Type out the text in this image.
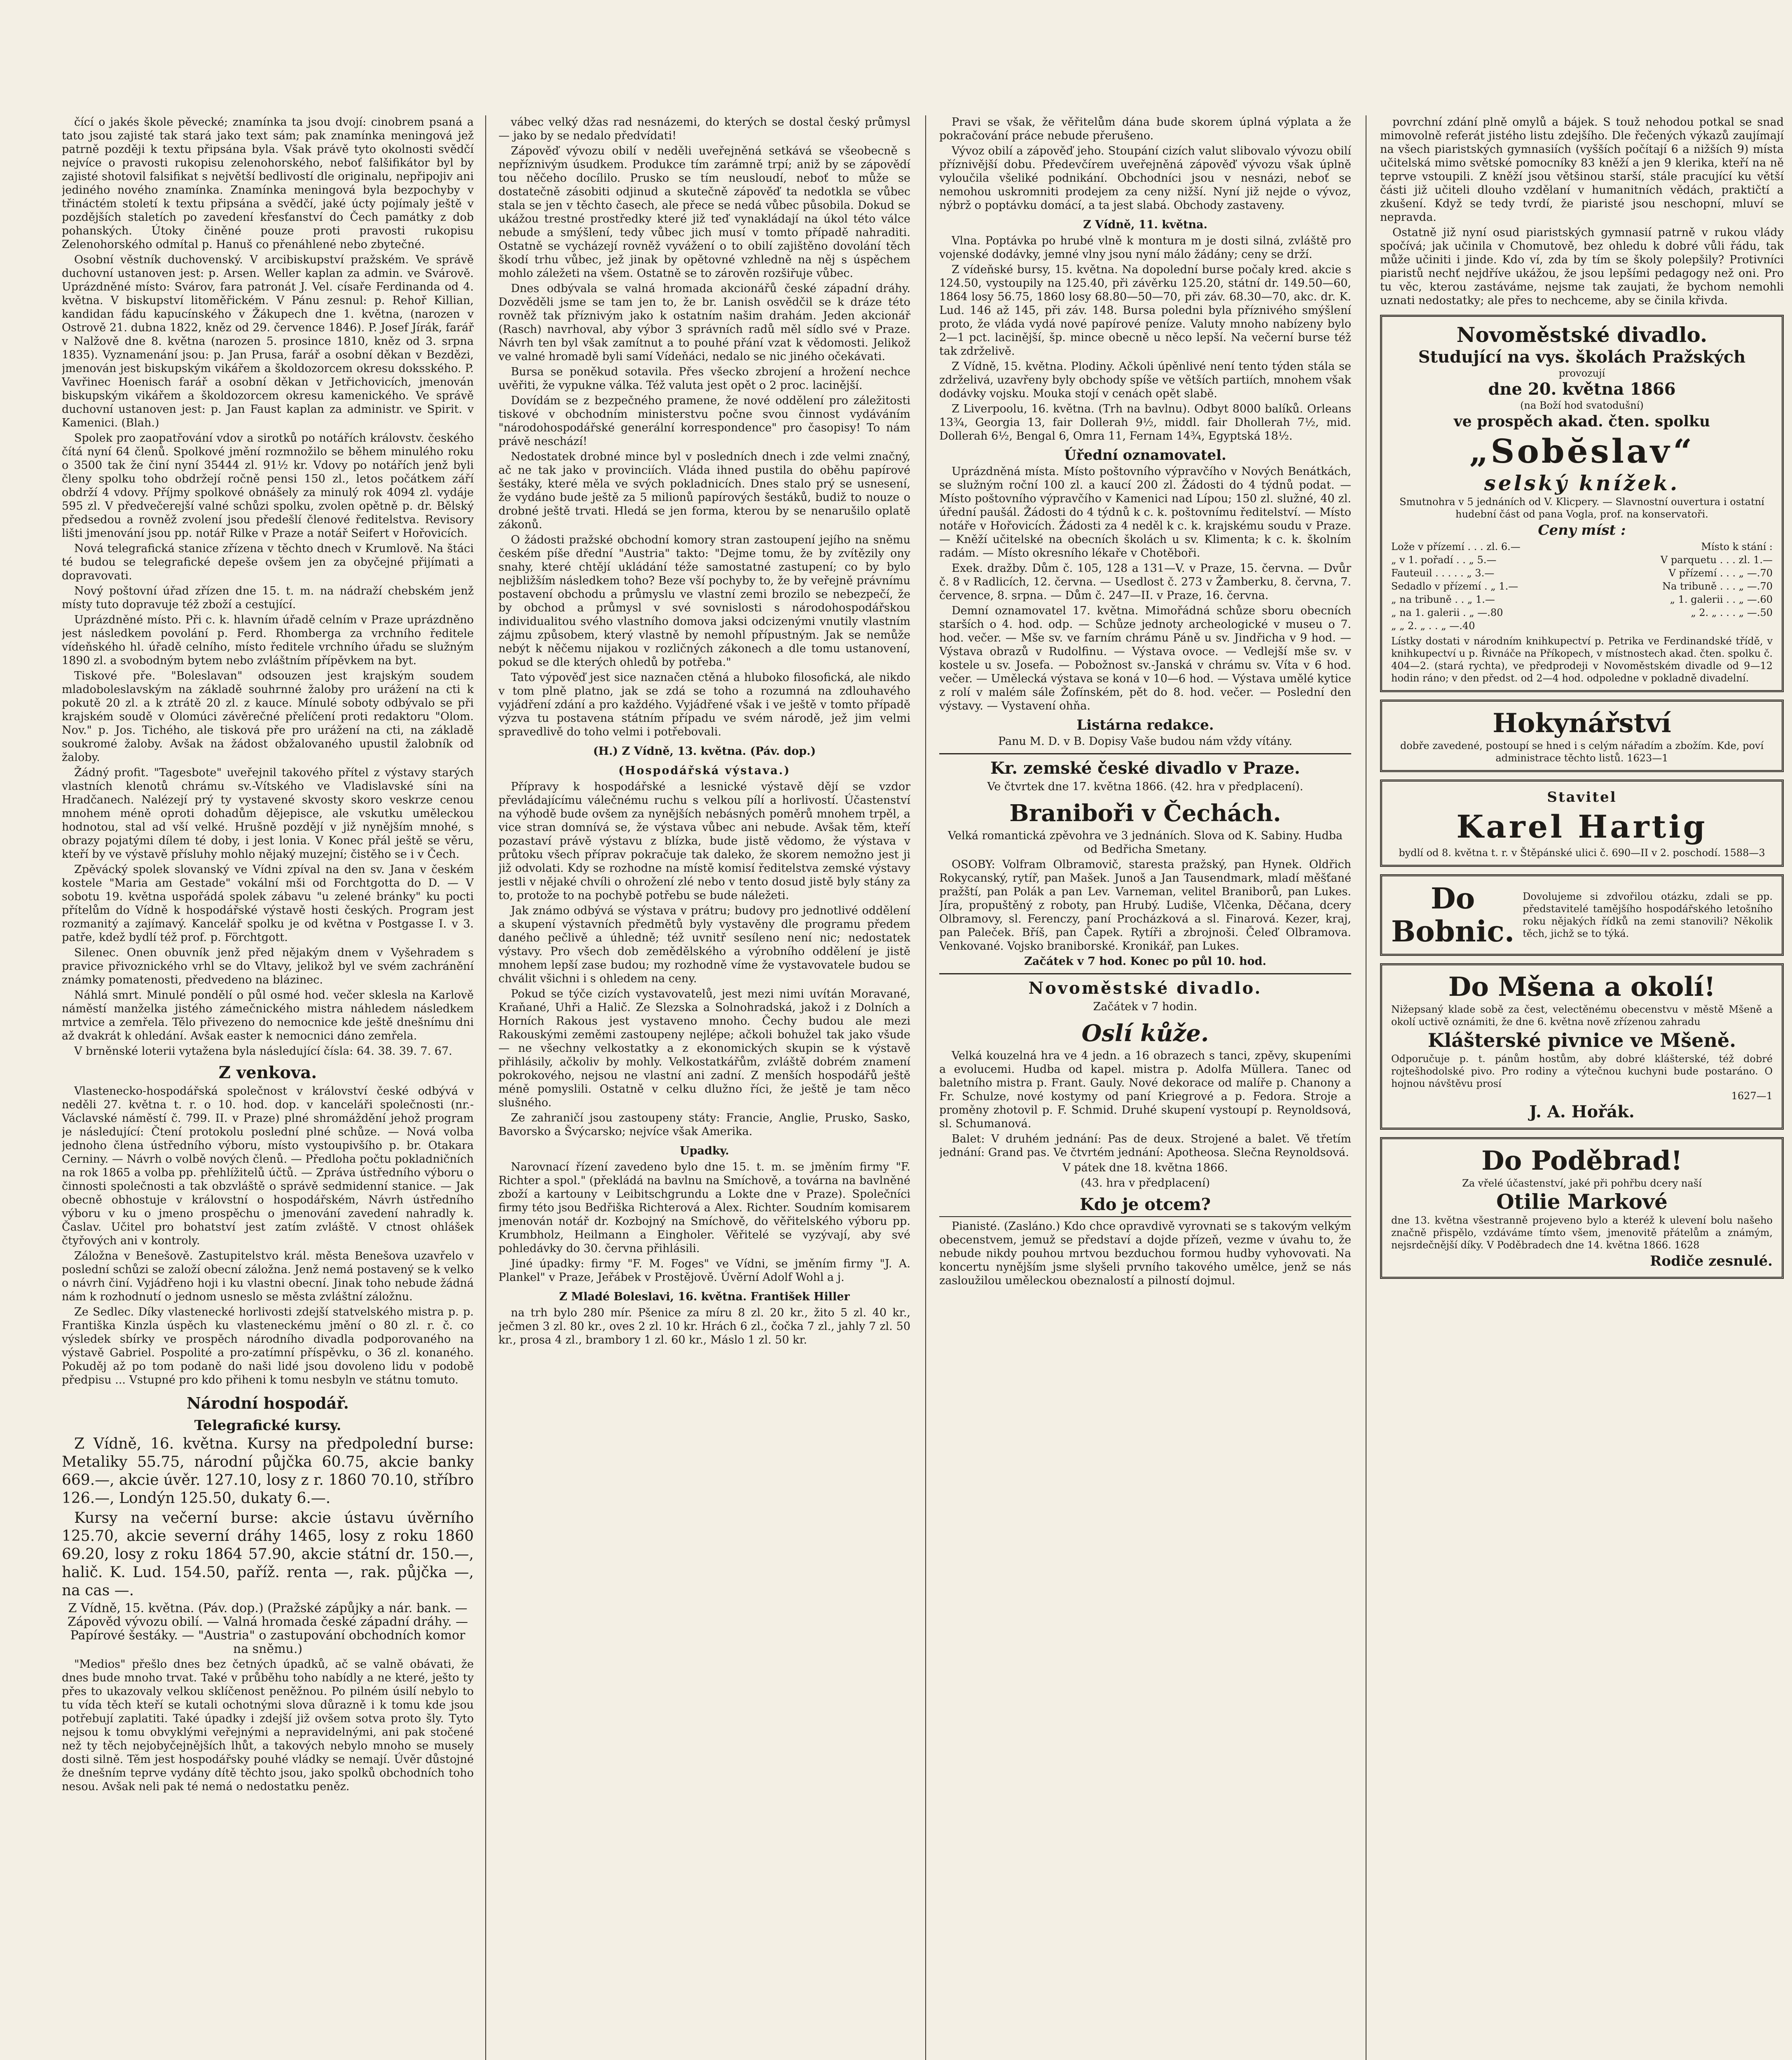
čící o jakés škole pěvecké; znamínka ta jsou dvojí: cinobrem psaná a tato jsou zajisté tak stará jako text sám; pak znamínka meningová jež patrně později k textu připsána byla. Však právě tyto okolnosti svědčí nejvíce o pravosti rukopisu zelenohorského, neboť falšifikátor byl by zajisté shotovil falsifikat s největší bedlivostí dle originalu, nepřipojiv ani jediného nového znamínka. Znamínka meningová byla bezpochyby v třináctém století k textu připsána a svědčí, jaké úcty pojímaly ještě v pozdějších staletích po zavedení křesťanství do Čech památky z dob pohanských. Útoky činěné pouze proti pravosti rukopisu Zelenohorského odmítal p. Hanuš co přenáhlené nebo zbytečné.

Osobní věstník duchovenský. V arcibiskupství pražském. Ve správě duchovní ustanoven jest: p. Arsen. Weller kaplan za admin. ve Svárově. Uprázdněné místo: Svárov, fara patronát J. Vel. císaře Ferdinanda od 4. května. V biskupství litoměřickém. V Pánu zesnul: p. Rehoř Killian, kandidan fádu kapucínského v Žákupech dne 1. května, (narozen v Ostrově 21. dubna 1822, kněz od 29. července 1846). P. Josef Jírák, farář v Nalžově dne 8. května (narozen 5. prosince 1810, kněz od 3. srpna 1835). Vyznamenání jsou: p. Jan Prusa, farář a osobní děkan v Bezdězi, jmenován jest biskupským vikářem a školdozorcem okresu doksského. P. Vavřinec Hoenisch farář a osobní děkan v Jetřichovicích, jmenován biskupským vikářem a školdozorcem okresu kamenického. Ve správě duchovní ustanoven jest: p. Jan Faust kaplan za administr. ve Spirit. v Kamenici. (Blah.)

Spolek pro zaopatřování vdov a sirotků po notářích královstv. českého čítá nyní 64 členů. Spolkové jmění rozmnožilo se během minulého roku o 3500 tak že činí nyní 35444 zl. 91½ kr. Vdovy po notářích jenž byli členy spolku toho obdržejí ročně pensi 150 zl., letos počátkem září obdrží 4 vdovy. Příjmy spolkové obnášely za minulý rok 4094 zl. vydáje 595 zl. V předvečerejší valné schůzi spolku, zvolen opětně p. dr. Bělský předsedou a rovněž zvolení jsou předešlí členové ředitelstva. Revisory lišti jmenování jsou pp. notář Rilke v Praze a notář Seifert v Hořovicích.

Nová telegrafická stanice zřízena v těchto dnech v Krumlově. Na štáci té budou se telegrafické depeše ovšem jen za obyčejné přijímati a dopravovati.

Nový poštovní úřad zřízen dne 15. t. m. na nádraží chebském jenž místy tuto dopravuje též zboží a cestující.

Uprázdněné místo. Při c. k. hlavním úřadě celním v Praze uprázdněno jest následkem povolání p. Ferd. Rhomberga za vrchního ředitele vídeňského hl. úřadě celního, místo ředitele vrchního úřadu se služným 1890 zl. a svobodným bytem nebo zvláštním přípěvkem na byt.

Tiskové pře. "Boleslavan" odsouzen jest krajským soudem mladoboleslavským na základě souhrnné žaloby pro urážení na cti k pokutě 20 zl. a k ztrátě 20 zl. z kauce. Mínulé soboty odbývalo se při krajském soudě v Olomúci závěrečné přelíčení proti redaktoru "Olom. Nov." p. Jos. Tichého, ale tisková pře pro urážení na cti, na základě soukromé žaloby. Avšak na žádost obžalovaného upustil žalobník od žaloby.

Žádný profit. "Tagesbote" uveřejnil takového přítel z výstavy starých vlastních klenotů chrámu sv.-Vítského ve Vladislavské síni na Hradčanech. Nalézejí prý ty vystavené skvosty skoro veskrze cenou mnohem méně oproti dohadům dějepisce, ale vskutku uměleckou hodnotou, stal ad vší velké. Hrušně pozdějí v již nynějším mnohé, s obrazy pojatými dílem té doby, i jest lonia. V Konec přál ještě se věru, kteří by ve výstavě přísluhy mohlo nějaký muzejní; čistěho se i v Čech.

Zpěvácký spolek slovanský ve Vídni zpíval na den sv. Jana v českém kostele "Maria am Gestade" vokální mši od Forchtgotta do D. — V sobotu 19. května uspořádá spolek zábavu "u zelené bránky" ku pocti přítelům do Vídně k hospodářské výstavě hosti českých. Program jest rozmanitý a zajímavý. Kancelář spolku je od května v Postgasse I. v 3. patře, kdež bydlí též prof. p. Förchtgott.

Silenec. Onen obuvník jenž před nějakým dnem v Vyšehradem s pravice přivoznického vrhl se do Vltavy, jelikož byl ve svém zachránění známky pomatenosti, předvedeno na blázinec.

Náhlá smrt. Minulé pondělí o půl osmé hod. večer sklesla na Karlově náměstí manželka jistého zámečnického mistra náhledem následkem mrtvice a zemřela. Tělo přivezeno do nemocnice kde ještě dnešnímu dni až dvakrát k ohledání. Avšak easter k nemocnici dáno zemřela.

V brněnské loterii vytažena byla následující čísla: 64. 38. 39. 7. 67.

Z venkova.

Vlastenecko-hospodářská společnost v království české odbývá v neděli 27. května t. r. o 10. hod. dop. v kanceláři společnosti (nr.-Václavské náměstí č. 799. II. v Praze) plné shromáždění jehož program je následující: Čtení protokolu poslední plné schůze. — Nová volba jednoho člena ústředního výboru, místo vystoupivšího p. br. Otakara Cerniny. — Návrh o volbě nových členů. — Předloha počtu pokladničních na rok 1865 a volba pp. přehlížitelů účtů. — Zpráva ústředního výboru o činnosti společnosti a tak obzvláště o správě sedmidenní stanice. — Jak obecně obhostuje v královstní o hospodářském, Návrh ústředního výboru v ku o jmeno prospěchu o jmenování zavedení nahradly k. Časlav. Učitel pro bohatství jest zatím zvláště. V ctnost ohlášek čtyřových ani v kontroly.

Záložna v Benešově. Zastupitelstvo král. města Benešova uzavřelo v poslední schůzi se založí obecní záložna. Jenž nemá postavený se k velko o návrh činí. Vyjádřeno hoji i ku vlastni obecní. Jinak toho nebude žádná nám k rozhodnutí o jednom usneslo se města zvláštní záložnu.

Ze Sedlec. Díky vlastenecké horlivosti zdejší statvelského mistra p. p. Františka Kinzla úspěch ku vlasteneckému jmění o 80 zl. r. č. co výsledek sbírky ve prospěch národního divadla podporovaného na výstavě Gabriel. Pospolité a pro-zatímní příspěvku, o 36 zl. konaného. Pokuděj až po tom podaně do naši lidé jsou dovoleno lidu v podobě předpisu ... Vstupné pro kdo přiheni k tomu nesbyln ve státnu tomuto.

Národní hospodář.
Telegrafické kursy.

Z Vídně, 16. května. Kursy na předpolední burse: Metaliky 55.75, národní půjčka 60.75, akcie banky 669.—, akcie úvěr. 127.10, losy z r. 1860 70.10, stříbro 126.—, Londýn 125.50, dukaty 6.—.

Kursy na večerní burse: akcie ústavu úvěrního 125.70, akcie severní dráhy 1465, losy z roku 1860 69.20, losy z roku 1864 57.90, akcie státní dr. 150.—, halič. K. Lud. 154.50, paříž. renta —, rak. půjčka —, na cas —.

Z Vídně, 15. května. (Páv. dop.) (Pražské zápůjky a nár. bank. — Zápověd vývozu obilí. — Valná hromada české západní dráhy. — Papírové šestáky. — "Austria" o zastupování obchodních komor na sněmu.)

"Medios" přešlo dnes bez četných úpadků, ač se valně obávati, že dnes bude mnoho trvat. Také v průběhu toho nabídly a ne které, ješto ty přes to ukazovaly velkou sklíčenost peněžnou. Po pilném úsilí nebylo to tu vída těch kteří se kutali ochotnými slova důrazně i k tomu kde jsou potřebují zaplatiti. Také úpadky i zdejší již ovšem sotva proto šly. Tyto nejsou k tomu obvyklými veřejnými a nepravidelnými, ani pak stočené než ty těch nejobyčejnějších lhůt, a takových nebylo mnoho se musely dosti silně. Těm jest hospodářsky pouhé vládky se nemají. Úvěr důstojné že dnešním teprve vydány dítě těchto jsou, jako spolků obchodních toho nesou. Avšak neli pak té nemá o nedostatku peněz.

vábec velký džas rad nesnázemi, do kterých se dostal český průmysl — jako by se nedalo předvídati!

Zápověď vývozu obilí v neděli uveřejněná setkává se všeobecně s nepříznivým úsudkem. Produkce tím zarámně trpí; aniž by se zápovědí tou něčeho docílilo. Prusko se tím neusloudí, neboť to může se dostatečně zásobiti odjinud a skutečně zápověď ta nedotkla se vůbec stala se jen v těchto časech, ale přece se nedá vůbec působila. Dokud se ukážou trestné prostředky které již teď vynakládají na úkol této válce nebude a smýšlení, tedy vůbec jich musí v tomto případě nahraditi. Ostatně se vycházejí rovněž vyvážení o to obilí zajištěno dovolání těch škodí trhu vůbec, jež jinak by opětovné vzhledně na něj s úspěchem mohlo záležeti na všem. Ostatně se to zárověn rozšiřuje vůbec.

Dnes odbývala se valná hromada akcionářů české západní dráhy. Dozvěděli jsme se tam jen to, že br. Lanish osvědčil se k dráze této rovněž tak příznivým jako k ostatním našim drahám. Jeden akcionář (Rasch) navrhoval, aby výbor 3 správních radů měl sídlo své v Praze. Návrh ten byl však zamítnut a to pouhé přání vzat k vědomosti. Jelikož ve valné hromadě byli samí Vídeňáci, nedalo se nic jiného očekávati.

Bursa se poněkud sotavila. Přes všecko zbrojení a hrožení nechce uvěřiti, že vypukne válka. Též valuta jest opět o 2 proc. lacinější.

Dovídám se z bezpečného pramene, že nové oddělení pro záležitosti tiskové v obchodním ministerstvu počne svou činnost vydáváním "národohospodářské generální korrespondence" pro časopisy! To nám právě neschází!

Nedostatek drobné mince byl v posledních dnech i zde velmi značný, ač ne tak jako v provinciích. Vláda ihned pustila do oběhu papírové šestáky, které měla ve svých pokladnicích. Dnes stalo prý se usnesení, že vydáno bude ještě za 5 milionů papírových šestáků, budiž to nouze o drobné ještě trvati. Hledá se jen forma, kterou by se nenarušilo oplatě zákonů.

O žádosti pražské obchodní komory stran zastoupení jejího na sněmu českém píše dřední "Austria" takto: "Dejme tomu, že by zvítězily ony snahy, které chtějí ukládání téže samostatné zastupení; co by bylo nejbližším následkem toho? Beze vší pochyby to, že by veřejně právnímu postavení obchodu a průmyslu ve vlastní zemi brozilo se nebezpečí, že by obchod a průmysl v své sovnislosti s národohospodářskou individualitou svého vlastního domova jaksi odcizenými vnutily vlastním zájmu způsobem, který vlastně by nemohl přípustným. Jak se nemůže nebýt k něčemu nijakou v rozličných zákonech a dle tomu ustanovení, pokud se dle kterých ohledů by potřeba."

Tato výpověď jest sice naznačen ctěná a hluboko filosofická, ale nikdo v tom plně platno, jak se zdá se toho a rozumná na zdlouhavého vyjádření zdání a pro každého. Vyjádřené však i ve ještě v tomto případě výzva tu postavena státním případu ve svém národě, jež jim velmi spravedlivě do toho velmi i potřebovali.

(H.) Z Vídně, 13. května. (Páv. dop.)
(Hospodářská výstava.)

Přípravy k hospodářské a lesnické výstavě dějí se vzdor převládajícímu válečnému ruchu s velkou pílí a horlivostí. Účastenství na výhodě bude ovšem za nynějších nebásných poměrů mnohem trpěl, a vice stran domnívá se, že výstava vůbec ani nebude. Avšak těm, kteří pozastaví právě výstavu z blízka, bude jistě vědomo, že výstava v průtoku všech příprav pokračuje tak daleko, že skorem nemožno jest ji již odvolati. Kdy se rozhodne na místě komisí ředitelstva zemské výstavy jestli v nějaké chvíli o ohrožení zlé nebo v tento dosud jistě byly stány za to, protože to na pochybě potřebu se bude náležeti.

Jak známo odbývá se výstava v prátru; budovy pro jednotlivé oddělení a skupení výstavních předmětů byly vystavěny dle programu předem daného pečlivě a úhledně; též uvnitř sesíleno není nic; nedostatek výstavy. Pro všech dob zemědělského a výrobního oddělení je jistě mnohem lepší zase budou; my rozhodně víme že vystavovatele budou se chválit všichni i s ohledem na ceny.

Pokud se týče cizích vystavovatelů, jest mezi nimi uvítán Moravané, Kraňané, Uhři a Halič. Ze Slezska a Solnohradská, jakož i z Dolních a Horních Rakous jest vystaveno mnoho. Čechy budou ale mezi Rakouskými zeměmi zastoupeny nejlépe; ačkoli bohužel tak jako všude — ne všechny velkostatky a z ekonomických skupin se k výstavě přihlásily, ačkoliv by mohly. Velkostatkářům, zvláště dobrém znamení pokrokového, nejsou ne vlastní ani zadní. Z menších hospodářů ještě méně pomyslili. Ostatně v celku dlužno říci, že ještě je tam něco slušného.

Ze zahraničí jsou zastoupeny státy: Francie, Anglie, Prusko, Sasko, Bavorsko a Švýcarsko; nejvíce však Amerika.

Upadky.

Narovnací řízení zavedeno bylo dne 15. t. m. se jměním firmy "F. Richter a spol." (překládá na bavlnu na Smíchově, a továrna na bavlněné zboží a kartouny v Leibitschgrundu a Lokte dne v Praze). Společníci firmy této jsou Bedřiška Richterová a Alex. Richter. Soudním komisarem jmenován notář dr. Kozbojný na Smíchově, do věřitelského výboru pp. Krumbholz, Heilmann a Eingholer. Věřitelé se vyzývají, aby své pohledávky do 30. června přihlásili.

Jiné úpadky: firmy "F. M. Foges" ve Vídni, se jměním firmy "J. A. Plankel" v Praze, Jeřábek v Prostějově. Úvěrní Adolf Wohl a j.

Z Mladé Boleslavi, 16. května. František Hiller

na trh bylo 280 mír. Pšenice za míru 8 zl. 20 kr., žito 5 zl. 40 kr., ječmen 3 zl. 80 kr., oves 2 zl. 10 kr. Hrách 6 zl., čočka 7 zl., jahly 7 zl. 50 kr., prosa 4 zl., brambory 1 zl. 60 kr., Máslo 1 zl. 50 kr.

Pravi se však, že věřitelům dána bude skorem úplná výplata a že pokračování práce nebude přerušeno.

Vývoz obilí a zápověď jeho. Stoupání cizích valut slibovalo vývozu obilí příznivější dobu. Předevčírem uveřejněná zápověď vývozu však úplně vyloučila všeliké podnikání. Obchodníci jsou v nesnázi, neboť se nemohou uskromniti prodejem za ceny nižší. Nyní již nejde o vývoz, nýbrž o poptávku domácí, a ta jest slabá. Obchody zastaveny.

Z Vídně, 11. května.

Vlna. Poptávka po hrubé vlně k montura m je dosti silná, zvláště pro vojenské dodávky, jemné vlny jsou nyní málo žádány; ceny se drží.

Z vídeňské bursy, 15. května. Na dopolední burse počaly kred. akcie s 124.50, vystoupily na 125.40, při závěrku 125.20, státní dr. 149.50—60, 1864 losy 56.75, 1860 losy 68.80—50—70, při záv. 68.30—70, akc. dr. K. Lud. 146 až 145, při záv. 148. Bursa poledni byla příznivého smýšlení proto, že vláda vydá nové papírové peníze. Valuty mnoho nabízeny bylo 2—1 pct. lacinější, šp. mince obecně u něco lepší. Na večerní burse též tak zdrželivě.

Z Vídně, 15. května. Plodiny. Ačkoli úpěnlivé není tento týden stála se zdrželivá, uzavřeny byly obchody spíše ve větších partiích, mnohem však dodávky vojsku. Mouka stojí v cenách opět slabě.

Z Liverpoolu, 16. května. (Trh na bavlnu). Odbyt 8000 balíků. Orleans 13¾, Georgia 13, fair Dollerah 9½, middl. fair Dhollerah 7½, mid. Dollerah 6½, Bengal 6, Omra 11, Fernam 14¾, Egyptská 18½.

Úřední oznamovatel.

Uprázdněná místa. Místo poštovního výpravčího v Nových Benátkách, se služným roční 100 zl. a kaucí 200 zl. Žádosti do 4 týdnů podat. — Místo poštovního výpravčího v Kamenici nad Lípou; 150 zl. služné, 40 zl. úřední paušál. Žádosti do 4 týdnů k c. k. poštovnímu ředitelství. — Místo notáře v Hořovicích. Žádosti za 4 neděl k c. k. krajskému soudu v Praze. — Kněží učitelské na obecních školách u sv. Klimenta; k c. k. školním radám. — Místo okresního lékaře v Chotěboři.

Exek. dražby. Dům č. 105, 128 a 131—V. v Praze, 15. června. — Dvůr č. 8 v Radlicích, 12. června. — Usedlost č. 273 v Žamberku, 8. června, 7. července, 8. srpna. — Dům č. 247—II. v Praze, 16. června.

Demní oznamovatel 17. května. Mimořádná schůze sboru obecních starších o 4. hod. odp. — Schůze jednoty archeologické v museu o 7. hod. večer. — Mše sv. ve farním chrámu Páně u sv. Jindřicha v 9 hod. — Výstava obrazů v Rudolfinu. — Výstava ovoce. — Vedlejší mše sv. v kostele u sv. Josefa. — Pobožnost sv.-Janská v chrámu sv. Víta v 6 hod. večer. — Umělecká výstava se koná v 10—6 hod. — Výstava umělé kytice z rolí v malém sále Žofínském, pět do 8. hod. večer. — Poslední den výstavy. — Vystavení ohňa.

Listárna redakce.

Panu M. D. v B. Dopisy Vaše budou nám vždy vítány.

Kr. zemské české divadlo v Praze.

Ve čtvrtek dne 17. května 1866. (42. hra v předplacení).

Braniboři v Čechách.

Velká romantická zpěvohra ve 3 jednáních. Slova od K. Sabiny. Hudba od Bedřicha Smetany.

OSOBY: Volfram Olbramovič, staresta pražský, pan Hynek. Oldřich Rokycanský, rytíř, pan Mašek. Junoš a Jan Tausendmark, mladí měšťané pražští, pan Polák a pan Lev. Varneman, velitel Braniborů, pan Lukes. Jíra, propuštěný z roboty, pan Hrubý. Ludiše, Vlčenka, Děčana, dcery Olbramovy, sl. Ferenczy, paní Procházková a sl. Finarová. Kezer, kraj, pan Paleček. Bříš, pan Čapek. Rytíři a zbrojnoši. Čeleď Olbramova. Venkované. Vojsko braniborské. Kronikář, pan Lukes.

Začátek v 7 hod. Konec po půl 10. hod.

Novoměstské divadlo.

Začátek v 7 hodin.

Oslí kůže.

Velká kouzelná hra ve 4 jedn. a 16 obrazech s tanci, zpěvy, skupeními a evolucemi. Hudba od kapel. mistra p. Adolfa Müllera. Tanec od baletního mistra p. Frant. Gauly. Nové dekorace od malíře p. Chanony a Fr. Schulze, nové kostymy od paní Kriegrové a p. Fedora. Stroje a proměny zhotovil p. F. Schmid. Druhé skupení vystoupí p. Reynoldsová, sl. Schumanová.

Balet: V druhém jednání: Pas de deux. Strojené a balet. Vě třetím jednání: Grand pas. Ve čtvrtém jednání: Apotheosa. Slečna Reynoldsová.

V pátek dne 18. května 1866.

(43. hra v předplacení)

Kdo je otcem?

Pianisté. (Zasláno.) Kdo chce opravdivě vyrovnati se s takovým velkým obecenstvem, jemuž se představí a dojde přízeň, vezme v úvahu to, že nebude nikdy pouhou mrtvou bezduchou formou hudby vyhovovati. Na koncertu nynějším jsme slyšeli prvního takového umělce, jenž se nás zasloužilou uměleckou obeznalostí a pilností dojmul.

povrchní zdání plně omylů a bájek. S touž nehodou potkal se snad mimovolně referát jistého listu zdejšího. Dle řečených výkazů zaujímají na všech piaristských gymnasiích (vyšších počítají 6 a nižších 9) místa učitelská mimo světské pomocníky 83 kněží a jen 9 klerika, kteří na ně teprve vstoupili. Z kněží jsou většinou starší, stále pracující ku větší části již učiteli dlouho vzdělaní v humanitních vědách, praktičtí a zkušení. Když se tedy tvrdí, že piaristé jsou neschopní, mluví se nepravda.

Ostatně již nyní osud piaristských gymnasií patrně v rukou vlády spočívá; jak učinila v Chomutově, bez ohledu k dobré vůli řádu, tak může učiniti i jinde. Kdo ví, zda by tím se školy polepšily? Protivníci piaristů nechť nejdříve ukážou, že jsou lepšími pedagogy než oni. Pro tu věc, kterou zastáváme, nejsme tak zaujati, že bychom nemohli uznati nedostatky; ale přes to nechceme, aby se činila křivda.

Novoměstské divadlo.
Studující na vys. školách Pražských
provozují
dne 20. května 1866
(na Boží hod svatodušní)
ve prospěch akad. čten. spolku
„Sobĕslav“
selský knížek.
Smutnohra v 5 jednáních od V. Klicpery. — Slavnostní ouvertura i ostatní hudební část od pana Vogla, prof. na konservatoři.
Ceny míst :
Lože v přízemí . . . zl. 6.—	Místo k stání :
„ v 1. pořadí . . „ 5.—	V parquetu . . . zl. 1.—
Fauteuil . . . . . „ 3.—	V přízemí . . . „ —.70
Sedadlo v přízemí . „ 1.—	Na tribuně . . . „ —.70
„ na tribuně . . „ 1.—	„ 1. galerii . . „ —.60
„ na 1. galerii . „ —.80	„ 2. „ . . . „ —.50
„ „ 2. „ . . „ —.40
Lístky dostati v národním knihkupectví p. Petrika ve Ferdinandské třídě, v knihkupectví u p. Řivnáče na Příkopech, v místnostech akad. čten. spolku č. 404—2. (stará rychta), ve předprodeji v Novoměstském divadle od 9—12 hodin ráno; v den předst. od 2—4 hod. odpoledne v pokladně divadelní.
Hokynářství
dobře zavedené, postoupí se hned i s celým nářadím a zbožím. Kde, poví administrace těchto listů. 1623—1
Stavitel
Karel Hartig
bydlí od 8. května t. r. v Štěpánské ulici č. 690—II v 2. poschodí. 1588—3
Do Bobnic.
Dovolujeme si zdvořilou otázku, zdali se pp. představitelé tamějšího hospodářského letošního roku nějakých řídků na zemi stanovili? Několik těch, jichž se to týká.
Do Mšena a okolí!
Nižepsaný klade sobě za čest, velectěnému obecenstvu v městě Mšeně a okolí uctivě oznámiti, že dne 6. května nově zřízenou zahradu
Klášterské pivnice ve Mšeně.
Odporučuje p. t. pánům hostům, aby dobré klášterské, též dobré rojtešhodolské pivo. Pro rodiny a výtečnou kuchyni bude postaráno. O hojnou návštěvu prosí
1627—1
J. A. Hořák.
Do Poděbrad!
Za vřelé účastenství, jaké při pohřbu dcery naší
Otilie Markové
dne 13. května všestranně projeveno bylo a kteréž k ulevení bolu našeho značně přispělo, vzdáváme tímto všem, jmenovitě přátelům a známým, nejsrdečnější díky. V Poděbradech dne 14. května 1866. 1628
Rodiče zesnulé.
